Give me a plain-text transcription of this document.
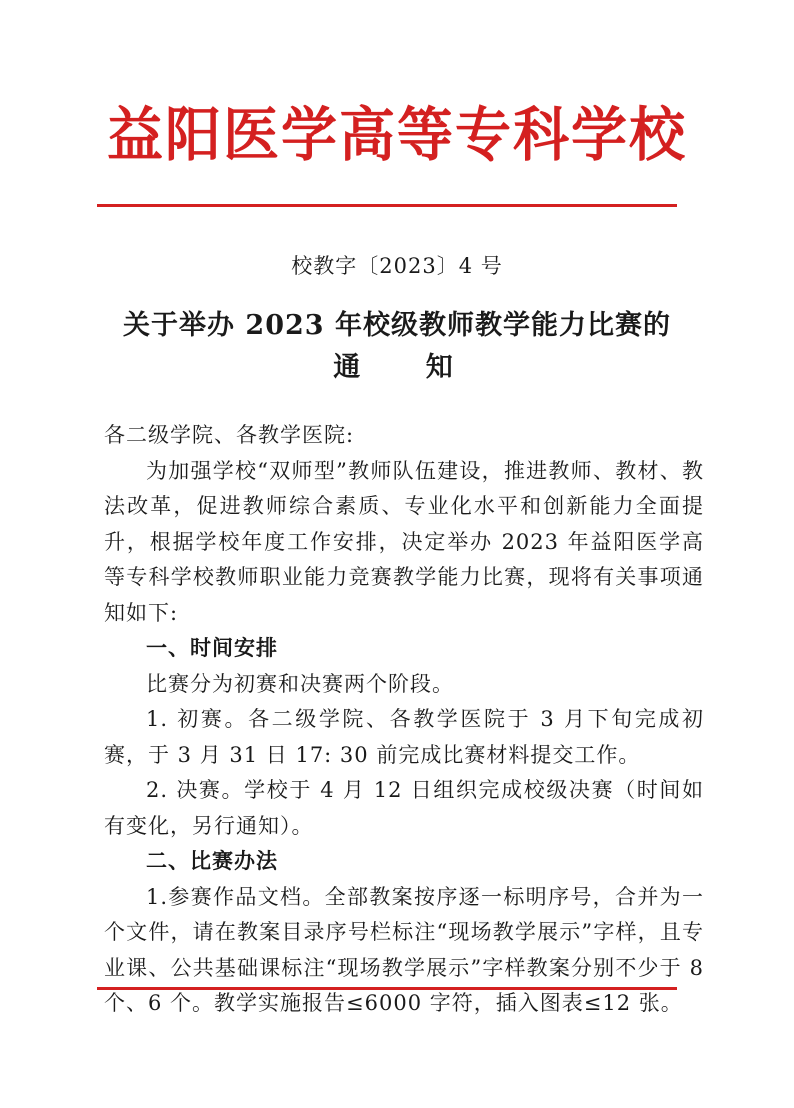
益阳医学高等专科学校
校教字〔2023〕4 号
关于举办 2023 年校级教师教学能力比赛的
通 知

各二级学院、各教学医院:

为加强学校“双师型”教师队伍建设，推进教师、教材、教法改革，促进教师综合素质、专业化水平和创新能力全面提升，根据学校年度工作安排，决定举办 2023 年益阳医学高等专科学校教师职业能力竞赛教学能力比赛，现将有关事项通知如下:

一、时间安排

比赛分为初赛和决赛两个阶段。

1. 初赛。各二级学院、各教学医院于 3 月下旬完成初赛，于 3 月 31 日 17: 30 前完成比赛材料提交工作。

2. 决赛。学校于 4 月 12 日组织完成校级决赛（时间如有变化，另行通知）。

二、比赛办法

1.参赛作品文档。全部教案按序逐一标明序号，合并为一个文件，请在教案目录序号栏标注“现场教学展示”字样，且专业课、公共基础课标注“现场教学展示”字样教案分别不少于 8 个、6 个。教学实施报告≤6000 字符，插入图表≤12 张。
